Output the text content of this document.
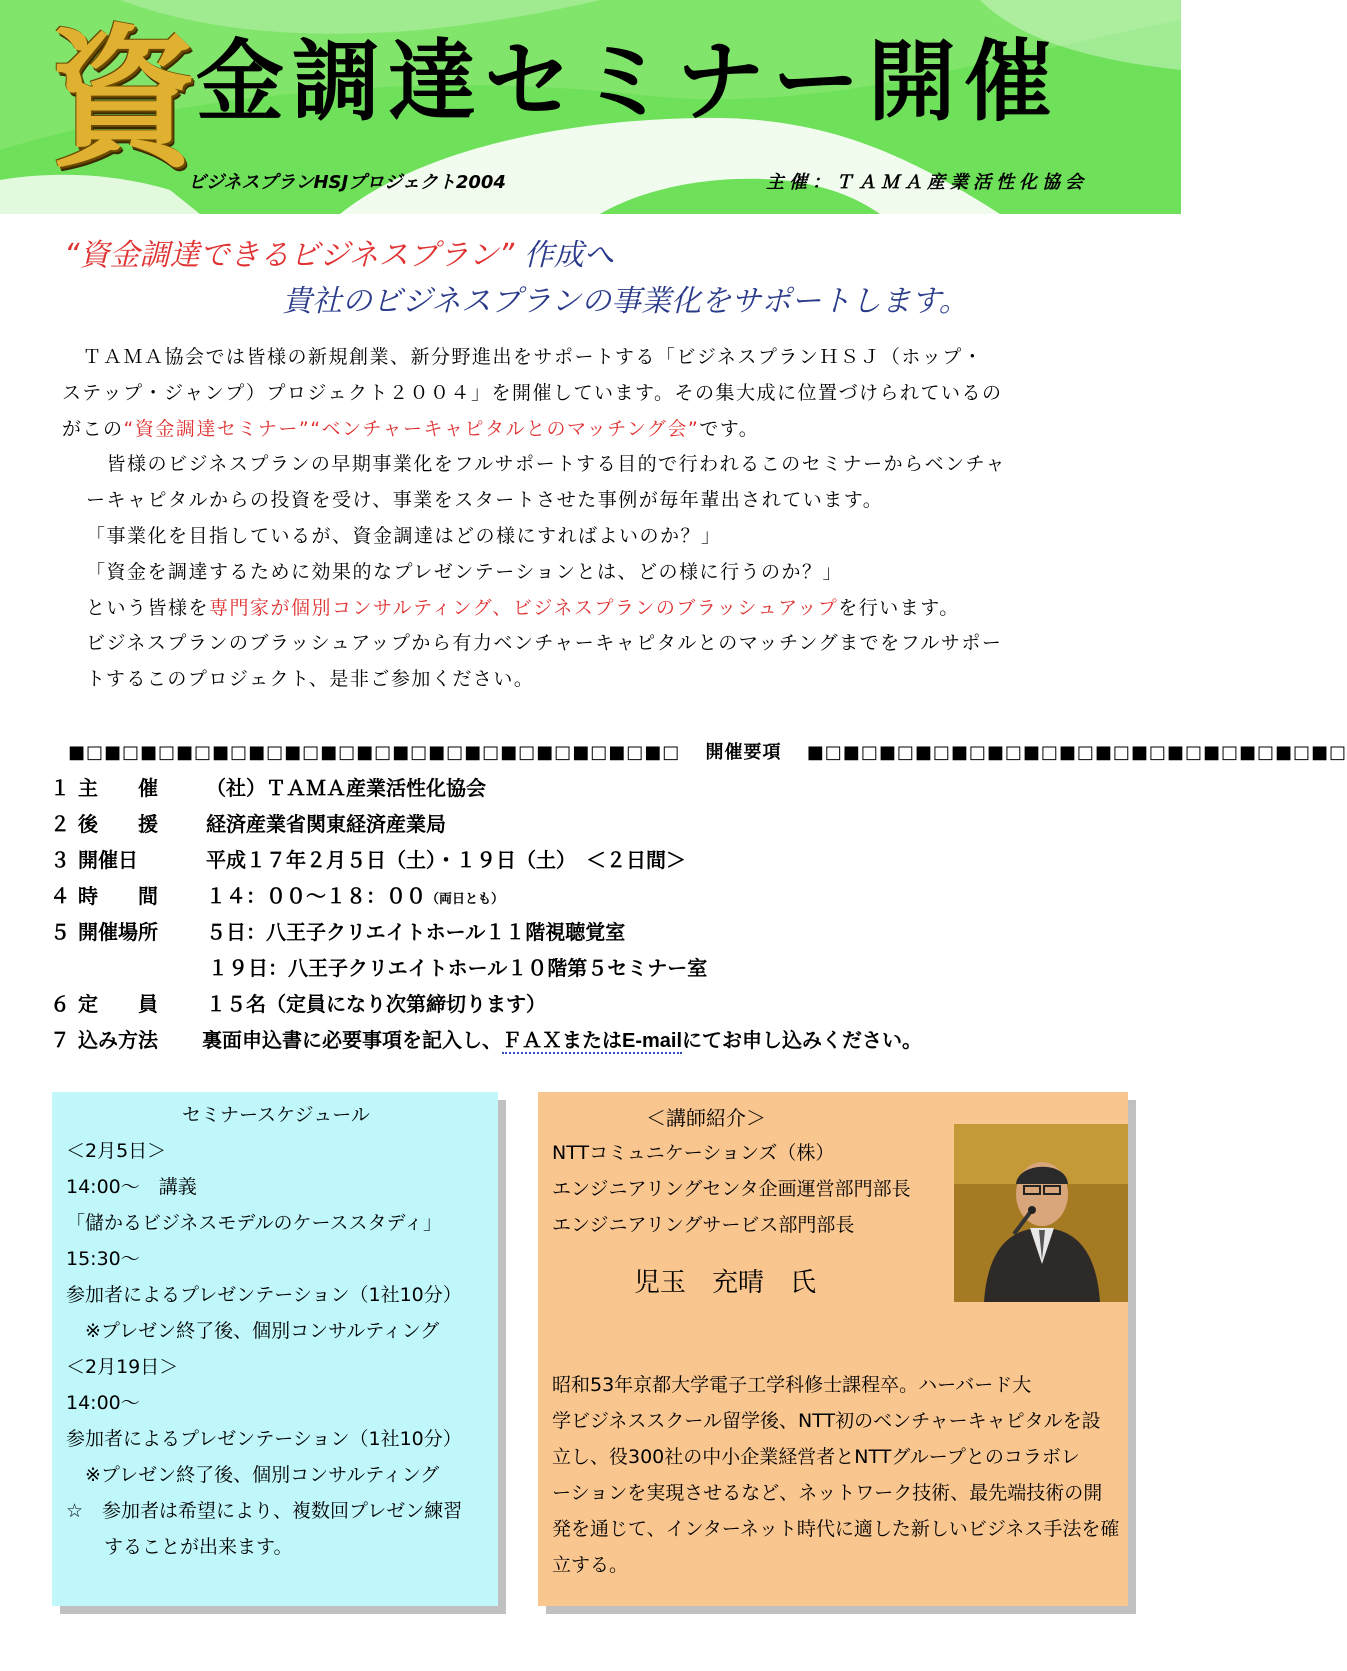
資
金調達セミナー開催
ビジネスプランHSJプロジェクト2004	主催：ＴＡＭＡ産業活性化協会
“資金調達できるビジネスプラン” 作成へ
貴社のビジネスプランの事業化をサポートします。

　ＴＡＭＡ協会では皆様の新規創業、新分野進出をサポートする「ビジネスプランＨＳＪ（ホップ・

ステップ・ジャンプ）プロジェクト２００４」を開催しています。その集大成に位置づけられているの

がこの“資金調達セミナー”“ベンチャーキャピタルとのマッチング会”です。

　皆様のビジネスプランの早期事業化をフルサポートする目的で行われるこのセミナーからベンチャ

ーキャピタルからの投資を受け、事業をスタートさせた事例が毎年輩出されています。

「事業化を目指しているが、資金調達はどの様にすればよいのか？」

「資金を調達するために効果的なプレゼンテーションとは、どの様に行うのか？」

という皆様を専門家が個別コンサルティング、ビジネスプランのブラッシュアップを行います。

ビジネスプランのブラッシュアップから有力ベンチャーキャピタルとのマッチングまでをフルサポー

トするこのプロジェクト、是非ご参加ください。

■□■□■□■□■□■□■□■□■□■□■□■□■□■□■□■□■□ 開催要項 ■□■□■□■□■□■□■□■□■□■□■□■□■□■□■□
１ 主　　催 （社）ＴＡＭＡ産業活性化協会
２ 後　　援 経済産業省関東経済産業局
３ 開催日	平成１７年２月５日（土）・１９日（土）　＜２日間＞
４ 時　　間 １４：００～１８：００（両日とも）
５ 開催場所 ５日：八王子クリエイトホール１１階視聴覚室
１９日：八王子クリエイトホール１０階第５セミナー室
６ 定　　員 １５名（定員になり次第締切ります）
７ 込み方法 裏面申込書に必要事項を記入し、ＦＡＸまたはE-mailにてお申し込みください。
セミナースケジュール
＜2月5日＞
14:00～　講義
「儲かるビジネスモデルのケーススタディ」
15:30～
参加者によるプレゼンテーション（1社10分）
　※プレゼン終了後、個別コンサルティング
＜2月19日＞
14:00～
参加者によるプレゼンテーション（1社10分）
　※プレゼン終了後、個別コンサルティング
☆　参加者は希望により、複数回プレゼン練習
　　することが出来ます。
＜講師紹介＞
NTTコミュニケーションズ（株）
エンジニアリングセンタ企画運営部門部長
エンジニアリングサービス部門部長
児玉　充晴　氏
昭和53年京都大学電子工学科修士課程卒。ハーバード大
学ビジネススクール留学後、NTT初のベンチャーキャピタルを設
立し、役300社の中小企業経営者とNTTグループとのコラボレ
ーションを実現させるなど、ネットワーク技術、最先端技術の開
発を通じて、インターネット時代に適した新しいビジネス手法を確
立する。
